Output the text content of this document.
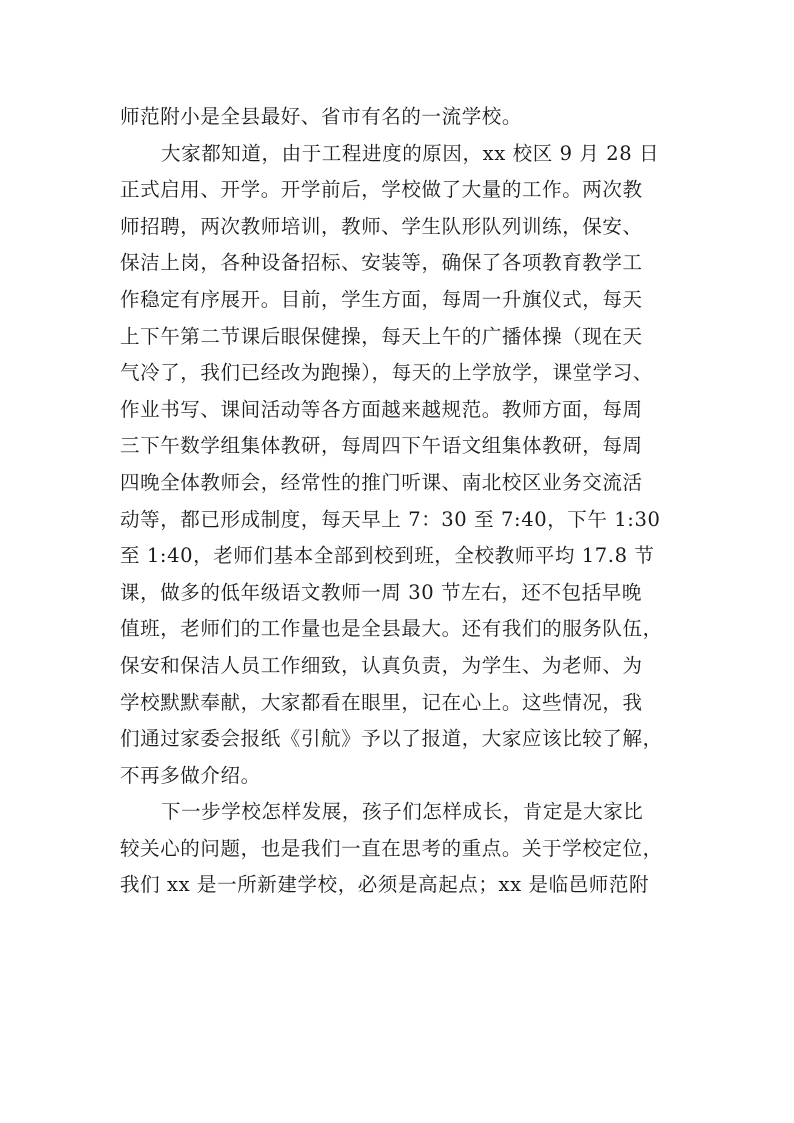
师范附小是全县最好、省市有名的一流学校。
大家都知道，由于工程进度的原因，xx 校区 9 月 28 日
正式启用、开学。开学前后，学校做了大量的工作。两次教
师招聘，两次教师培训，教师、学生队形队列训练，保安、
保洁上岗，各种设备招标、安装等，确保了各项教育教学工
作稳定有序展开。目前，学生方面，每周一升旗仪式，每天
上下午第二节课后眼保健操，每天上午的广播体操（现在天
气冷了，我们已经改为跑操），每天的上学放学，课堂学习、
作业书写、课间活动等各方面越来越规范。教师方面，每周
三下午数学组集体教研，每周四下午语文组集体教研，每周
四晚全体教师会，经常性的推门听课、南北校区业务交流活
动等，都已形成制度，每天早上 7：30 至 7:40，下午 1:30
至 1:40，老师们基本全部到校到班，全校教师平均 17.8 节
课，做多的低年级语文教师一周 30 节左右，还不包括早晚
值班，老师们的工作量也是全县最大。还有我们的服务队伍，
保安和保洁人员工作细致，认真负责，为学生、为老师、为
学校默默奉献，大家都看在眼里，记在心上。这些情况，我
们通过家委会报纸《引航》予以了报道，大家应该比较了解，
不再多做介绍。
下一步学校怎样发展，孩子们怎样成长，肯定是大家比
较关心的问题，也是我们一直在思考的重点。关于学校定位，
我们 xx 是一所新建学校，必须是高起点；xx 是临邑师范附
